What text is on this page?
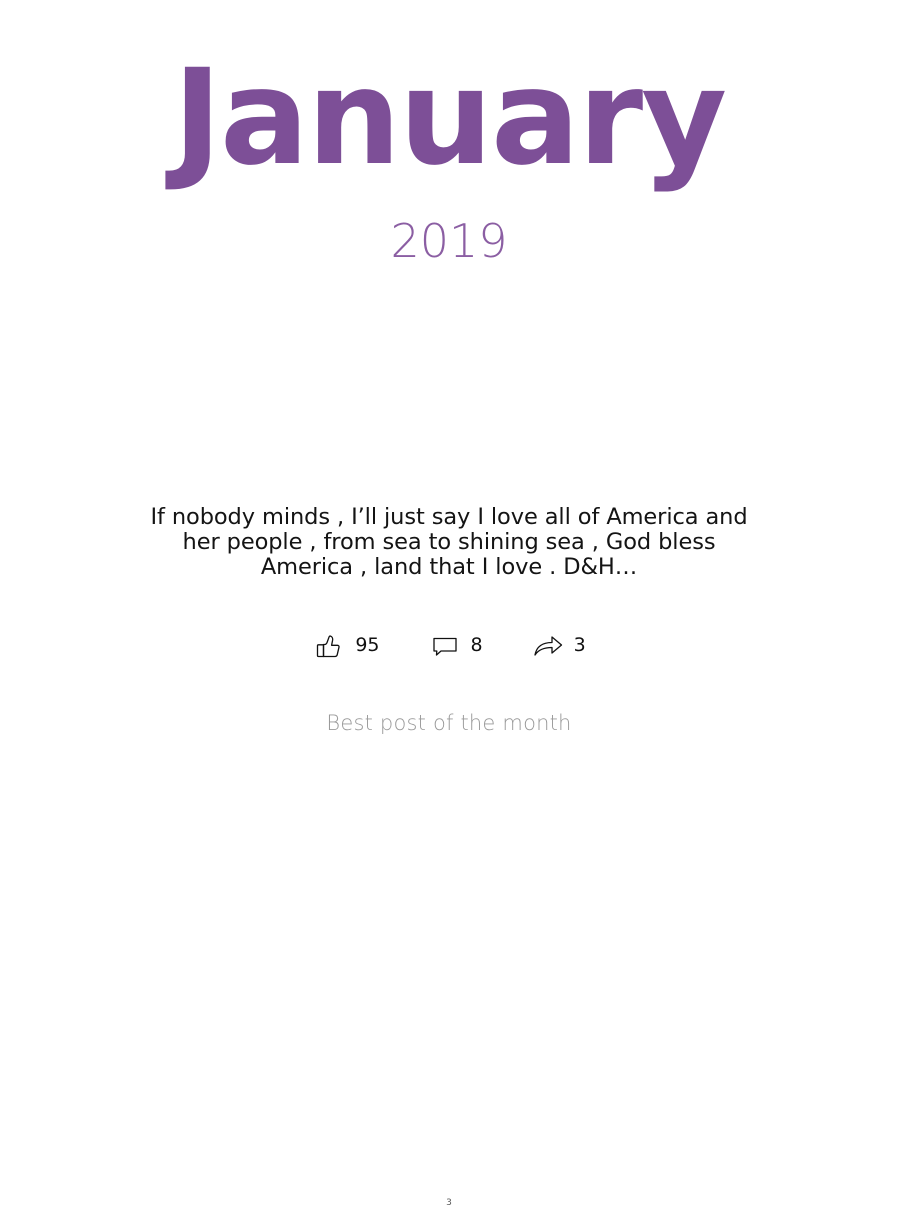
January
2019
If nobody minds , I’ll just say I love all of America and her people , from sea to shining sea , God bless America , land that I love . D&H…
95	8	3
Best post of the month
3
